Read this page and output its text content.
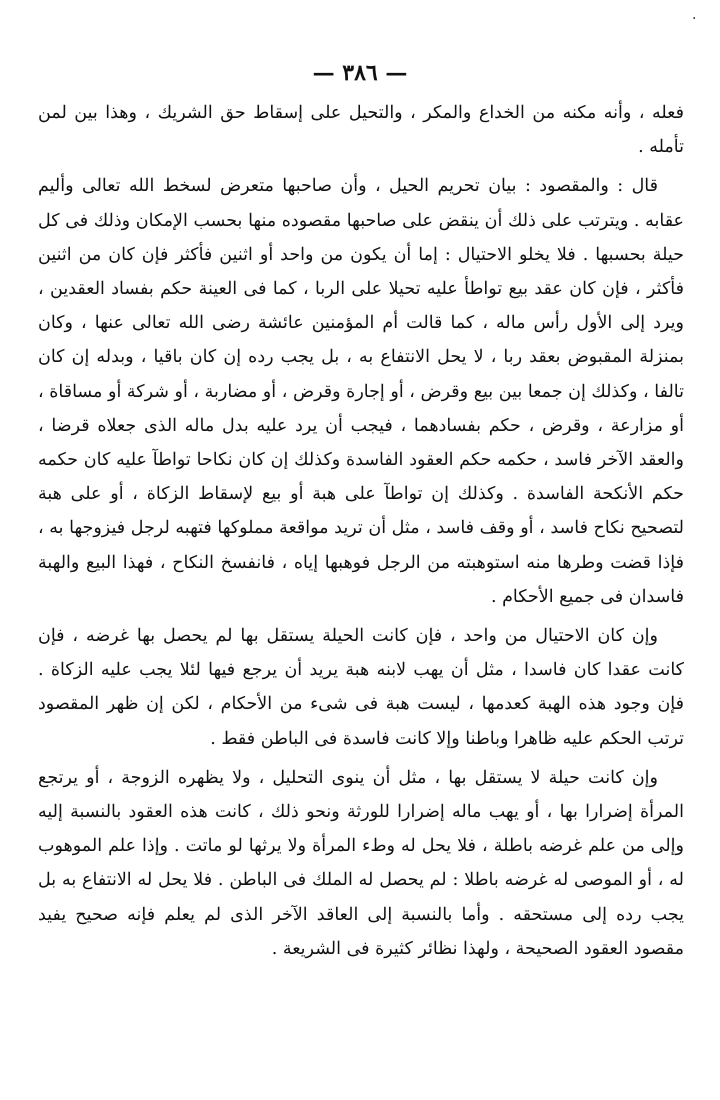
٠
— ٣٨٦ —

فعله ، وأنه مكنه من الخداع والمكر ، والتحيل على إسقاط حق الشريك ، وهذا بين لمن تأمله .

قال : والمقصود : بيان تحريم الحيل ، وأن صاحبها متعرض لسخط الله تعالى وأليم عقابه . ويترتب على ذلك أن ينقض على صاحبها مقصوده منها بحسب الإمكان وذلك فى كل حيلة بحسبها . فلا يخلو الاحتيال : إما أن يكون من واحد أو اثنين فأكثر فإن كان من اثنين فأكثر ، فإن كان عقد بيع تواطأ عليه تحيلا على الربا ، كما فى العينة حكم بفساد العقدين ، ويرد إلى الأول رأس ماله ، كما قالت أم المؤمنين عائشة رضى الله تعالى عنها ، وكان بمنزلة المقبوض بعقد ربا ، لا يحل الانتفاع به ، بل يجب رده إن كان باقيا ، وبدله إن كان تالفا ، وكذلك إن جمعا بين بيع وقرض ، أو إجارة وقرض ، أو مضاربة ، أو شركة أو مساقاة ، أو مزارعة ، وقرض ، حكم بفسادهما ، فيجب أن يرد عليه بدل ماله الذى جعلاه قرضا ، والعقد الآخر فاسد ، حكمه حكم العقود الفاسدة وكذلك إن كان نكاحا تواطآ عليه كان حكمه حكم الأنكحة الفاسدة . وكذلك إن تواطآ على هبة أو بيع لإسقاط الزكاة ، أو على هبة لتصحيح نكاح فاسد ، أو وقف فاسد ، مثل أن تريد مواقعة مملوكها فتهبه لرجل فيزوجها به ، فإذا قضت وطرها منه استوهبته من الرجل فوهبها إياه ، فانفسخ النكاح ، فهذا البيع والهبة فاسدان فى جميع الأحكام .

وإن كان الاحتيال من واحد ، فإن كانت الحيلة يستقل بها لم يحصل بها غرضه ، فإن كانت عقدا كان فاسدا ، مثل أن يهب لابنه هبة يريد أن يرجع فيها لئلا يجب عليه الزكاة . فإن وجود هذه الهبة كعدمها ، ليست هبة فى شىء من الأحكام ، لكن إن ظهر المقصود ترتب الحكم عليه ظاهرا وباطنا وإلا كانت فاسدة فى الباطن فقط .

وإن كانت حيلة لا يستقل بها ، مثل أن ينوى التحليل ، ولا يظهره الزوجة ، أو يرتجع المرأة إضرارا بها ، أو يهب ماله إضرارا للورثة ونحو ذلك ، كانت هذه العقود بالنسبة إليه وإلى من علم غرضه باطلة ، فلا يحل له وطء المرأة ولا يرثها لو ماتت . وإذا علم الموهوب له ، أو الموصى له غرضه باطلا : لم يحصل له الملك فى الباطن . فلا يحل له الانتفاع به بل يجب رده إلى مستحقه . وأما بالنسبة إلى العاقد الآخر الذى لم يعلم فإنه صحيح يفيد مقصود العقود الصحيحة ، ولهذا نظائر كثيرة فى الشريعة .
